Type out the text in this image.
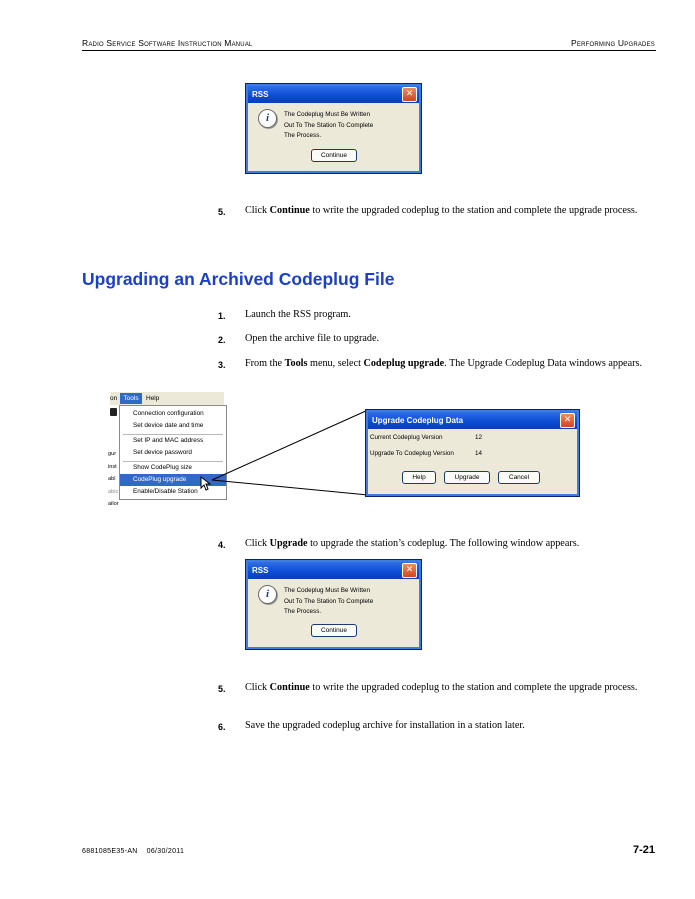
Radio Service Software Instruction Manual	Performing Upgrades
RSS	✕
i	The Codeplug Must Be Written
Out To The Station To Complete
The Process.
Continue
5. Click Continue to write the upgraded codeplug to the station and complete the upgrade process.
Upgrading an Archived Codeplug File
1. Launch the RSS program.
2. Open the archive file to upgrade.
3. From the Tools menu, select Codeplug upgrade. The Upgrade Codeplug Data windows appears.
on Tools	Help
gur
inst
abl
abic
ailor
Connection configuration
Set device date and time
Set IP and MAC address
Set device password
Show CodePlug size
CodePlug upgrade
Enable/Disable Station
Upgrade Codeplug Data	✕
Current Codeplug Version	12
Upgrade To Codeplug Version	14
Help	Upgrade	Cancel
4. Click Upgrade to upgrade the station’s codeplug. The following window appears.
RSS	✕
i	The Codeplug Must Be Written
Out To The Station To Complete
The Process.
Continue
5. Click Continue to write the upgraded codeplug to the station and complete the upgrade process.
6. Save the upgraded codeplug archive for installation in a station later.
6881085E35-AN    06/30/2011	7-21
